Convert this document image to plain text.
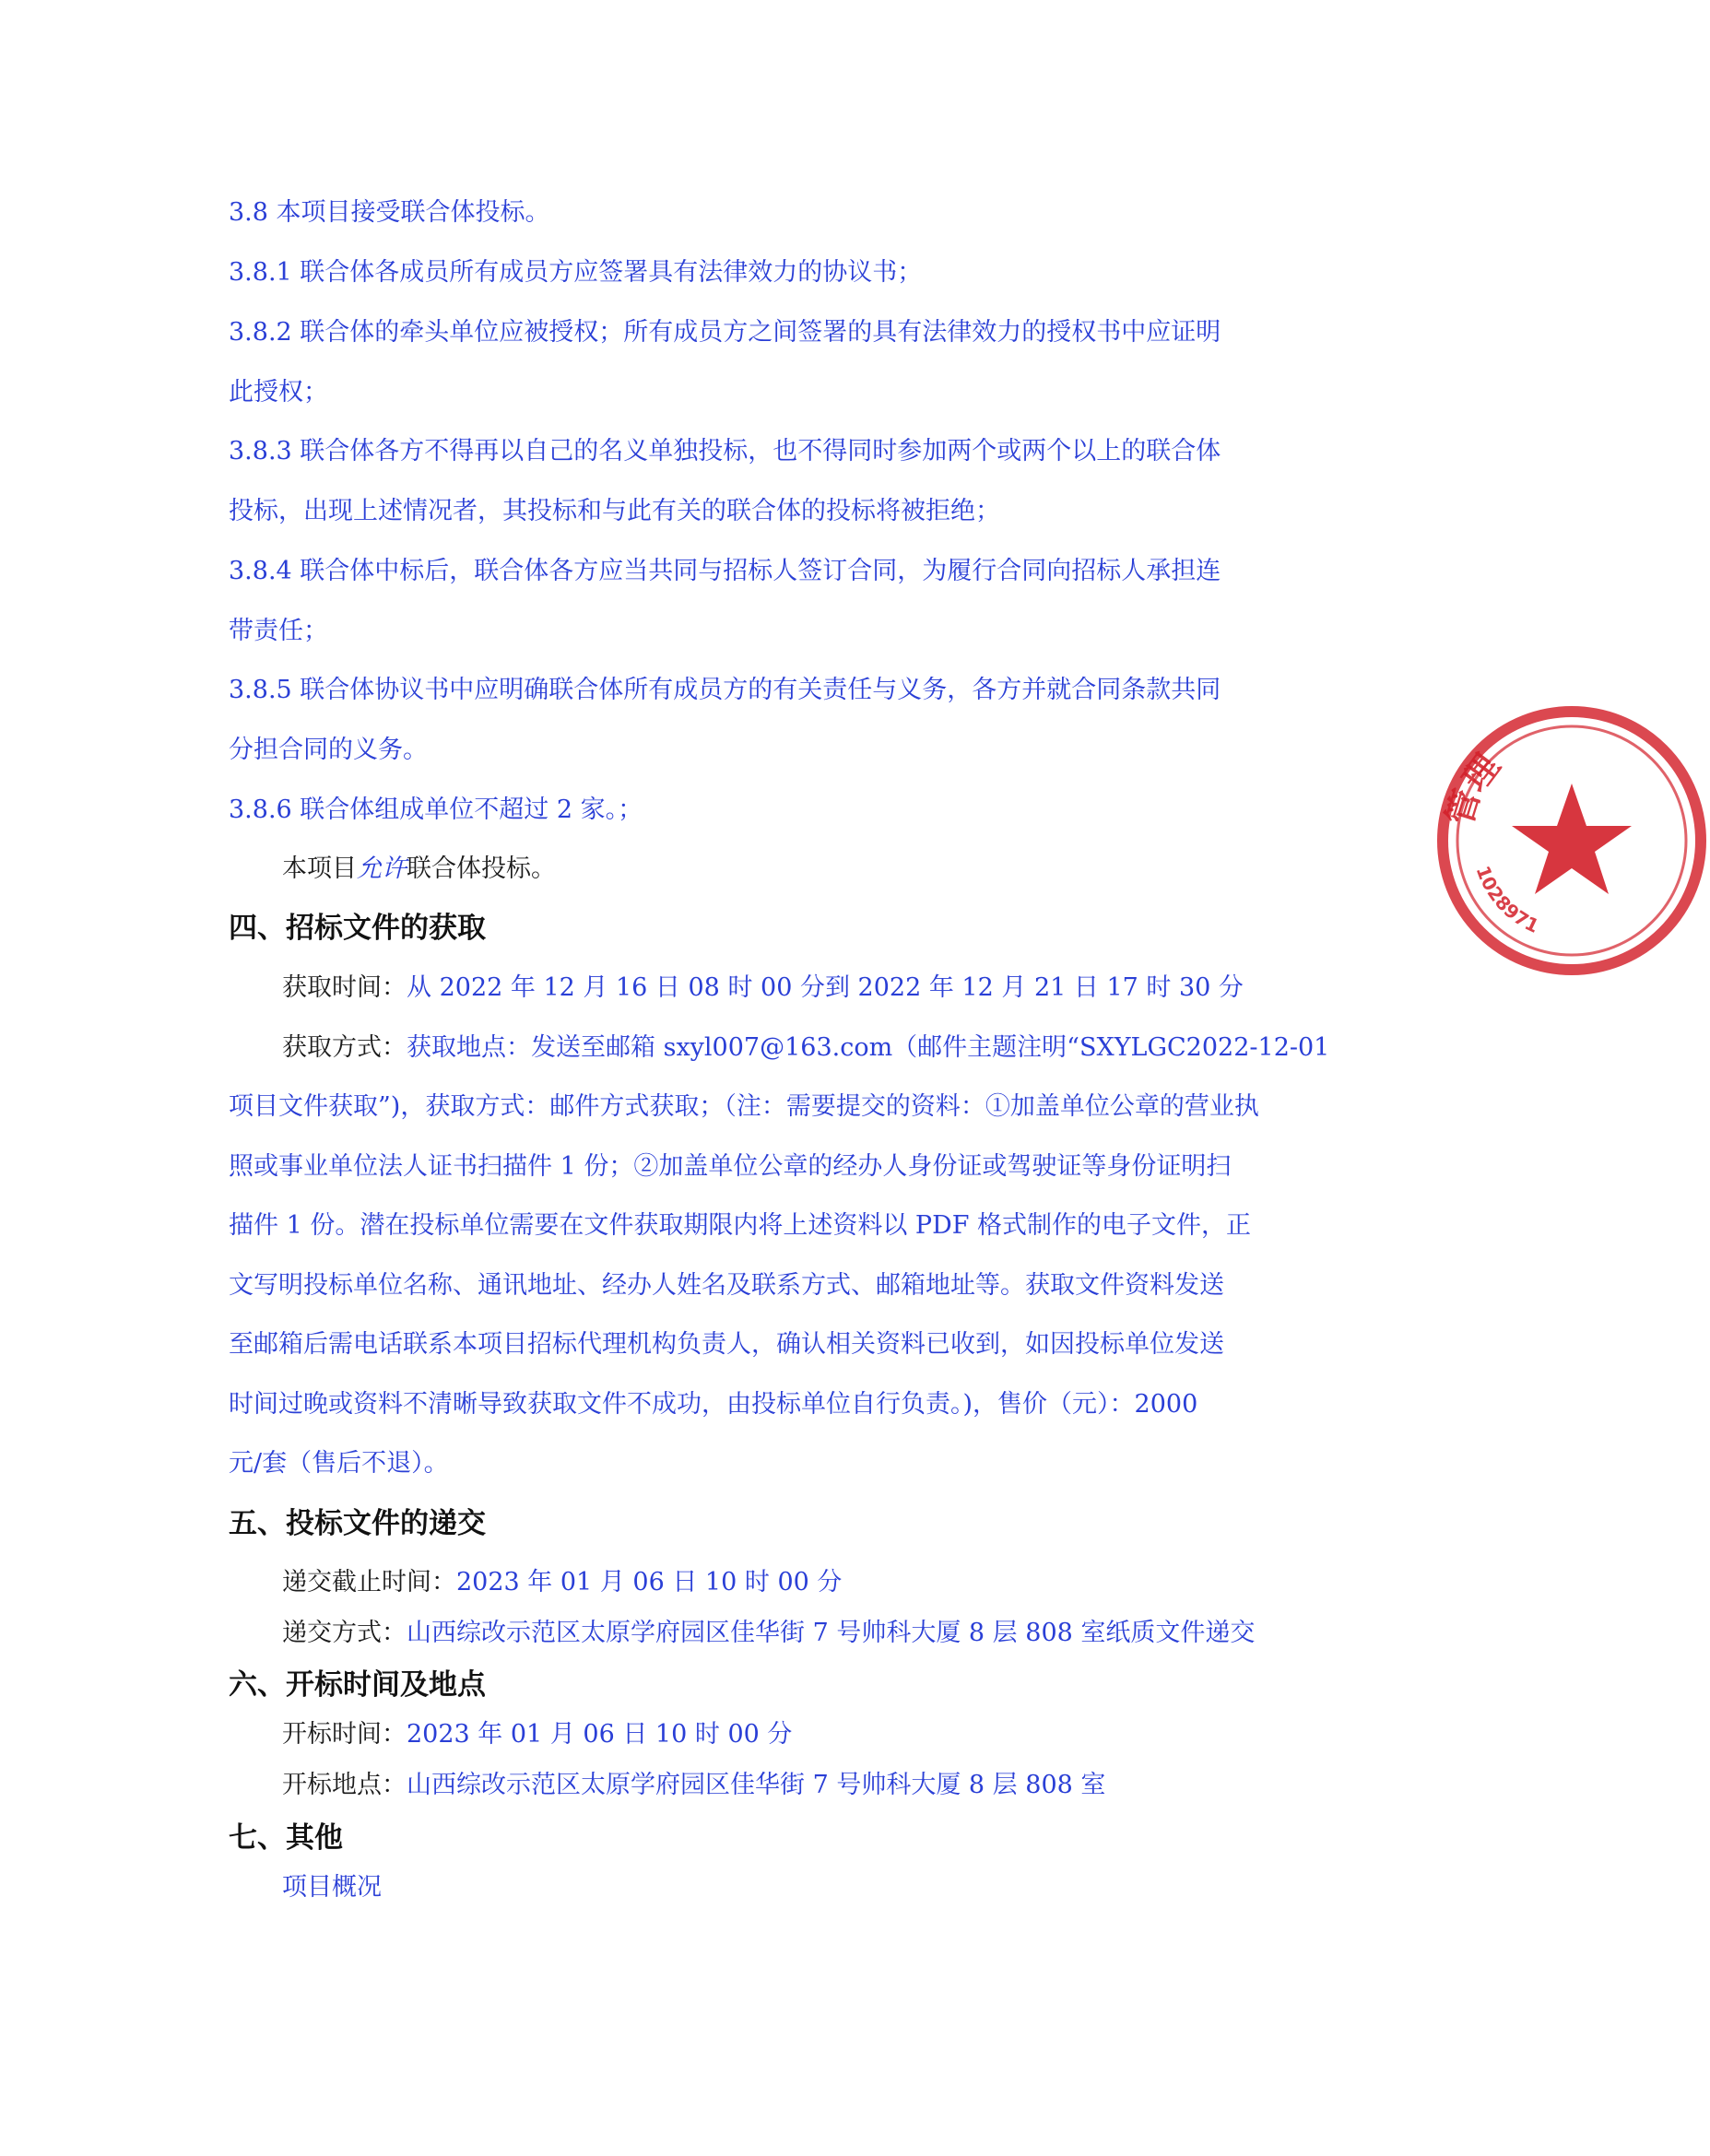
3.8 本项目接受联合体投标。
3.8.1 联合体各成员所有成员方应签署具有法律效力的协议书；
3.8.2 联合体的牵头单位应被授权；所有成员方之间签署的具有法律效力的授权书中应证明
此授权；
3.8.3 联合体各方不得再以自己的名义单独投标，也不得同时参加两个或两个以上的联合体
投标，出现上述情况者，其投标和与此有关的联合体的投标将被拒绝；
3.8.4 联合体中标后，联合体各方应当共同与招标人签订合同，为履行合同向招标人承担连
带责任；
3.8.5 联合体协议书中应明确联合体所有成员方的有关责任与义务，各方并就合同条款共同
分担合同的义务。
3.8.6 联合体组成单位不超过 2 家。；
本项目允许联合体投标。
四、招标文件的获取
获取时间：从 2022 年 12 月 16 日 08 时 00 分到 2022 年 12 月 21 日 17 时 30 分
获取方式：获取地点：发送至邮箱 sxyl007@163.com（邮件主题注明“SXYLGC2022-12-01
项目文件获取”)，获取方式：邮件方式获取；（注：需要提交的资料：①加盖单位公章的营业执
照或事业单位法人证书扫描件 1 份；②加盖单位公章的经办人身份证或驾驶证等身份证明扫
描件 1 份。潜在投标单位需要在文件获取期限内将上述资料以 PDF 格式制作的电子文件，正
文写明投标单位名称、通讯地址、经办人姓名及联系方式、邮箱地址等。获取文件资料发送
至邮箱后需电话联系本项目招标代理机构负责人，确认相关资料已收到，如因投标单位发送
时间过晚或资料不清晰导致获取文件不成功，由投标单位自行负责。)，售价（元）：2000
元/套（售后不退）。
五、投标文件的递交
递交截止时间：2023 年 01 月 06 日 10 时 00 分
递交方式：山西综改示范区太原学府园区佳华街 7 号帅科大厦 8 层 808 室纸质文件递交
六、开标时间及地点
开标时间：2023 年 01 月 06 日 10 时 00 分
开标地点：山西综改示范区太原学府园区佳华街 7 号帅科大厦 8 层 808 室
七、其他
项目概况
管理
1028971
